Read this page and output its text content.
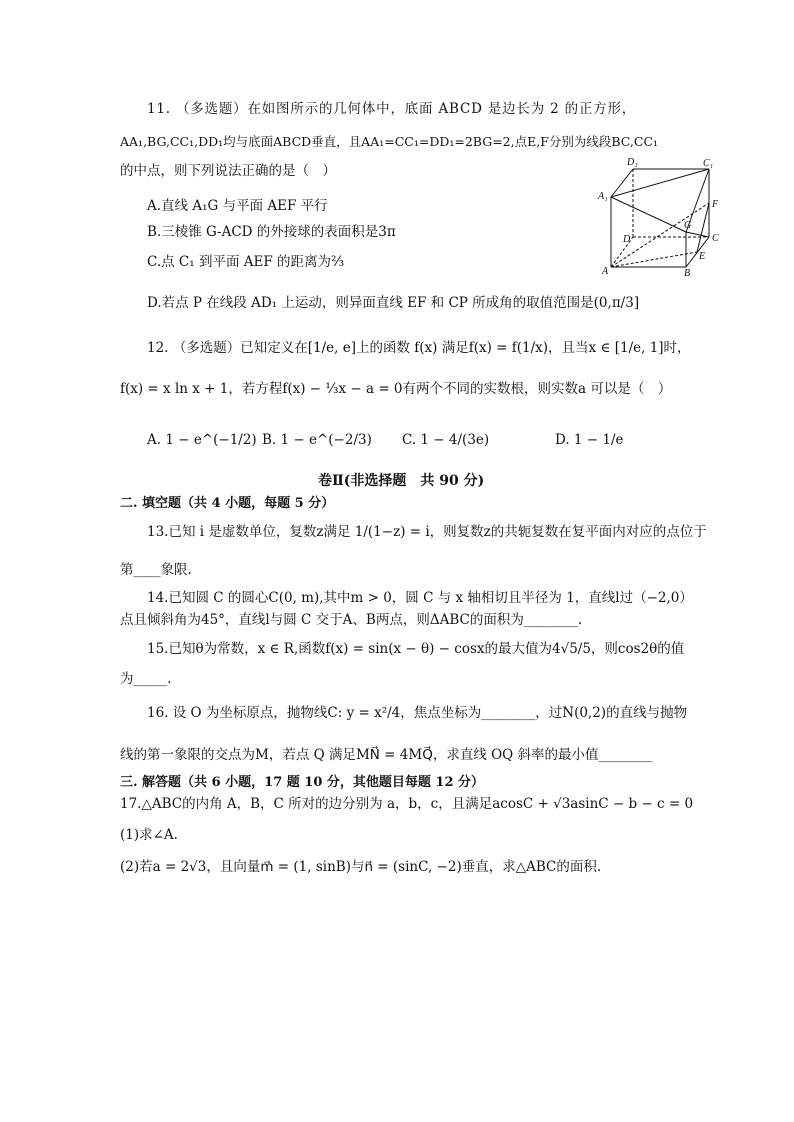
11. （多选题）在如图所示的几何体中，底面 ABCD 是边长为 2 的正方形，
AA₁,BG,CC₁,DD₁均与底面ABCD垂直，且AA₁=CC₁=DD₁=2BG=2,点E,F分别为线段BC,CC₁
的中点，则下列说法正确的是（　）
A.直线 A₁G 与平面 AEF 平行
B.三棱锥 G-ACD 的外接球的表面积是3π
C.点 C₁ 到平面 AEF 的距离为⅔
D.若点 P 在线段 AD₁ 上运动，则异面直线 EF 和 CP 所成角的取值范围是(0,π/3]
D₁	C₁
A₁
F
G
D	C
E
A	B
12. （多选题）已知定义在[1/e, e]上的函数 f(x) 满足f(x) = f(1/x)，且当x ∈ [1/e, 1]时，
f(x) = x ln x + 1，若方程f(x) − ⅓x − a = 0有两个不同的实数根，则实数a 可以是（　）
A. 1 − e^(−1/2) B. 1 − e^(−2/3) C. 1 − 4/(3e)	D. 1 − 1/e
卷Ⅱ(非选择题　共 90 分)
二. 填空题（共 4 小题，每题 5 分）
13.已知 i 是虚数单位，复数z满足 1/(1−z) = i，则复数z的共轭复数在复平面内对应的点位于
第____象限.
14.已知圆 C 的圆心C(0, m),其中m > 0，圆 C 与 x 轴相切且半径为 1，直线l过（−2,0）
点且倾斜角为45°，直线l与圆 C 交于A、B两点，则ΔABC的面积为________.
15.已知θ为常数，x ∈ R,函数f(x) = sin(x − θ) − cosx的最大值为4√5/5，则cos2θ的值
为_____.
16. 设 O 为坐标原点，抛物线C: y = x²/4，焦点坐标为________，过N(0,2)的直线与抛物
线的第一象限的交点为M，若点 Q 满足MN⃗ = 4MQ⃗，求直线 OQ 斜率的最小值________
三. 解答题（共 6 小题，17 题 10 分，其他题目每题 12 分）
17.△ABC的内角 A，B，C 所对的边分别为 a，b，c，且满足acosC + √3asinC − b − c = 0
(1)求∠A.
(2)若a = 2√3，且向量m⃗ = (1, sinB)与n⃗ = (sinC, −2)垂直，求△ABC的面积.
